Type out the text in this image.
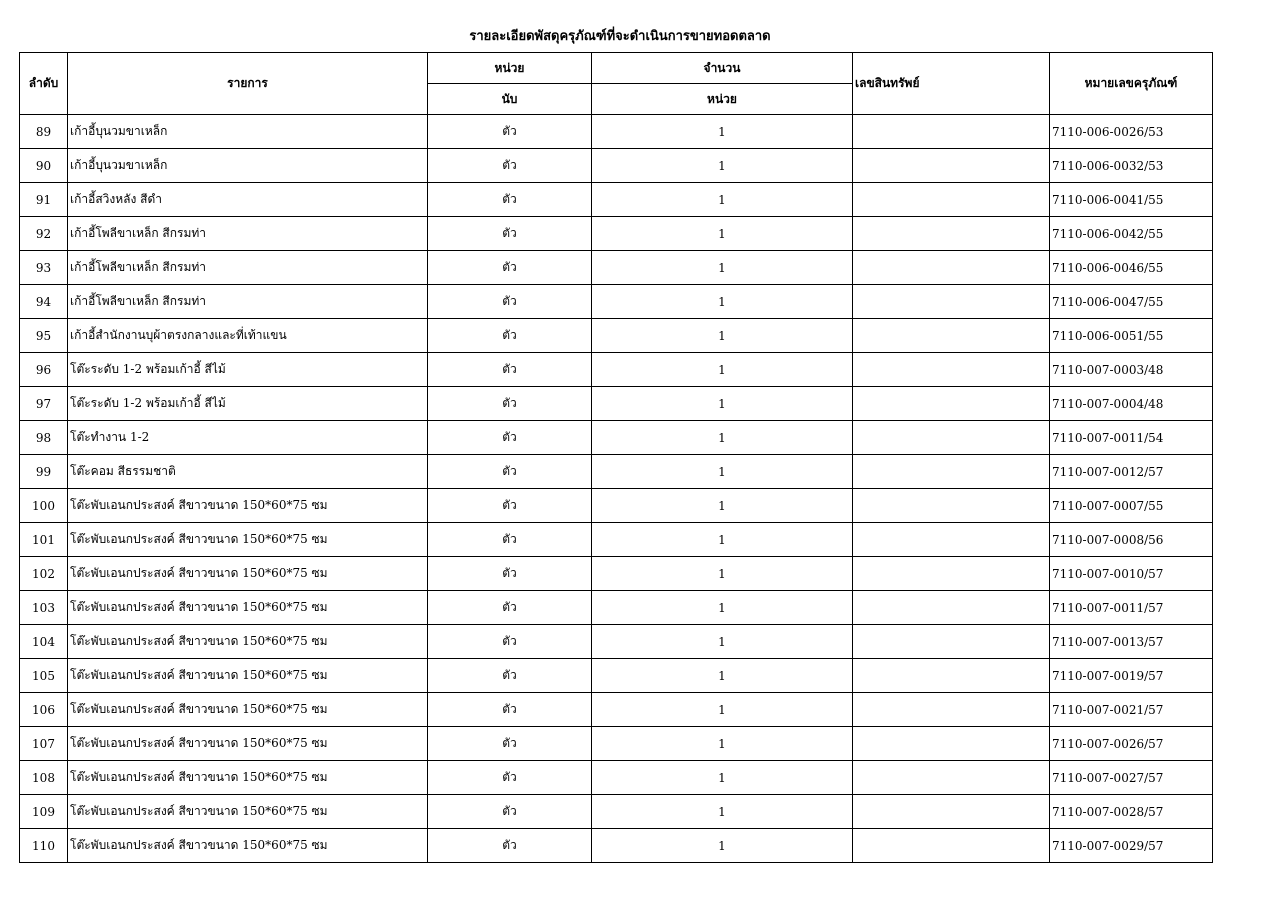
รายละเอียดพัสดุครุภัณฑ์ที่จะดำเนินการขายทอดตลาด
ลำดับ	รายการ	หน่วย	จำนวน	เลขสินทรัพย์	หมายเลขครุภัณฑ์
		นับ	หน่วย		
89	เก้าอี้บุนวมขาเหล็ก	ตัว	1		7110-006-0026/53
90	เก้าอี้บุนวมขาเหล็ก	ตัว	1		7110-006-0032/53
91	เก้าอี้สวิงหลัง สีดำ	ตัว	1		7110-006-0041/55
92	เก้าอี้โพลีขาเหล็ก สีกรมท่า	ตัว	1		7110-006-0042/55
93	เก้าอี้โพลีขาเหล็ก สีกรมท่า	ตัว	1		7110-006-0046/55
94	เก้าอี้โพลีขาเหล็ก สีกรมท่า	ตัว	1		7110-006-0047/55
95	เก้าอี้สำนักงานบุผ้าตรงกลางและที่เท้าแขน	ตัว	1		7110-006-0051/55
96	โต๊ะระดับ 1-2 พร้อมเก้าอี้ สีไม้	ตัว	1		7110-007-0003/48
97	โต๊ะระดับ 1-2 พร้อมเก้าอี้ สีไม้	ตัว	1		7110-007-0004/48
98	โต๊ะทำงาน 1-2	ตัว	1		7110-007-0011/54
99	โต๊ะคอม สีธรรมชาติ	ตัว	1		7110-007-0012/57
100	โต๊ะพับเอนกประสงค์ สีขาวขนาด 150*60*75 ซม	ตัว	1		7110-007-0007/55
101	โต๊ะพับเอนกประสงค์ สีขาวขนาด 150*60*75 ซม	ตัว	1		7110-007-0008/56
102	โต๊ะพับเอนกประสงค์ สีขาวขนาด 150*60*75 ซม	ตัว	1		7110-007-0010/57
103	โต๊ะพับเอนกประสงค์ สีขาวขนาด 150*60*75 ซม	ตัว	1		7110-007-0011/57
104	โต๊ะพับเอนกประสงค์ สีขาวขนาด 150*60*75 ซม	ตัว	1		7110-007-0013/57
105	โต๊ะพับเอนกประสงค์ สีขาวขนาด 150*60*75 ซม	ตัว	1		7110-007-0019/57
106	โต๊ะพับเอนกประสงค์ สีขาวขนาด 150*60*75 ซม	ตัว	1		7110-007-0021/57
107	โต๊ะพับเอนกประสงค์ สีขาวขนาด 150*60*75 ซม	ตัว	1		7110-007-0026/57
108	โต๊ะพับเอนกประสงค์ สีขาวขนาด 150*60*75 ซม	ตัว	1		7110-007-0027/57
109	โต๊ะพับเอนกประสงค์ สีขาวขนาด 150*60*75 ซม	ตัว	1		7110-007-0028/57
110	โต๊ะพับเอนกประสงค์ สีขาวขนาด 150*60*75 ซม	ตัว	1		7110-007-0029/57
